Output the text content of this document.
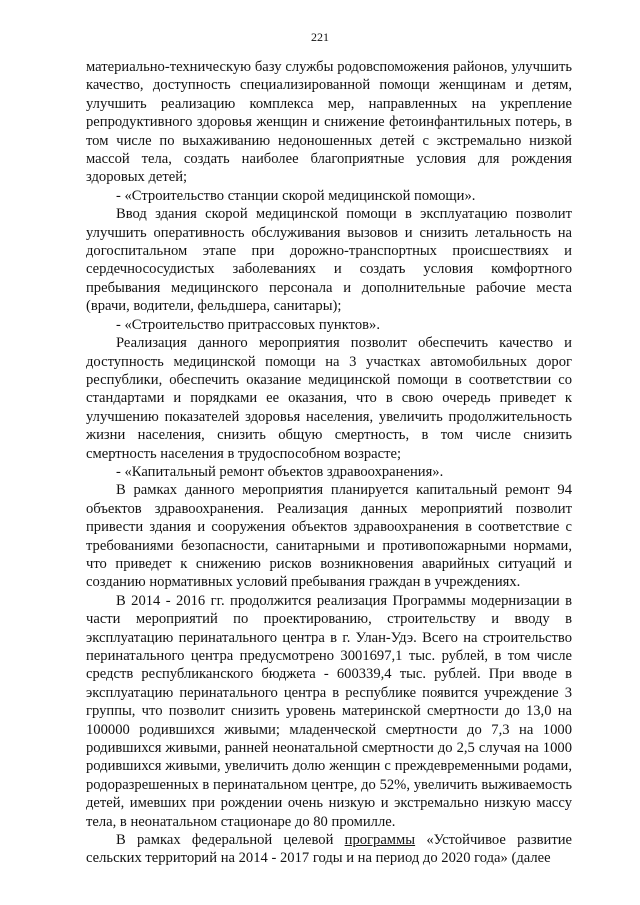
221

материально-техническую базу службы родовспоможения районов, улучшить качество, доступность специализированной помощи женщинам и детям, улучшить реализацию комплекса мер, направленных на укрепление репродуктивного здоровья женщин и снижение фетоинфантильных потерь, в том числе по выхаживанию недоношенных детей с экстремально низкой массой тела, создать наиболее благоприятные условия для рождения здоровых детей;

- «Строительство станции скорой медицинской помощи».

Ввод здания скорой медицинской помощи в эксплуатацию позволит улучшить оперативность обслуживания вызовов и снизить летальность на догоспитальном этапе при дорожно-транспортных происшествиях и сердечнососудистых заболеваниях и создать условия комфортного пребывания медицинского персонала и дополнительные рабочие места (врачи, водители, фельдшера, санитары);

- «Строительство притрассовых пунктов».

Реализация данного мероприятия позволит обеспечить качество и доступность медицинской помощи на 3 участках автомобильных дорог республики, обеспечить оказание медицинской помощи в соответствии со стандартами и порядками ее оказания, что в свою очередь приведет к улучшению показателей здоровья населения, увеличить продолжительность жизни населения, снизить общую смертность, в том числе снизить смертность населения в трудоспособном возрасте;

- «Капитальный ремонт объектов здравоохранения».

В рамках данного мероприятия планируется капитальный ремонт 94 объектов здравоохранения. Реализация данных мероприятий позволит привести здания и сооружения объектов здравоохранения в соответствие с требованиями безопасности, санитарными и противопожарными нормами, что приведет к снижению рисков возникновения аварийных ситуаций и созданию нормативных условий пребывания граждан в учреждениях.

В 2014 - 2016 гг. продолжится реализация Программы модернизации в части мероприятий по проектированию, строительству и вводу в эксплуатацию перинатального центра в г. Улан-Удэ. Всего на строительство перинатального центра предусмотрено 3001697,1 тыс. рублей, в том числе средств республиканского бюджета - 600339,4 тыс. рублей. При вводе в эксплуатацию перинатального центра в республике появится учреждение 3 группы, что позволит снизить уровень материнской смертности до 13,0 на 100000 родившихся живыми; младенческой смертности до 7,3 на 1000 родившихся живыми, ранней неонатальной смертности до 2,5 случая на 1000 родившихся живыми, увеличить долю женщин с преждевременными родами, родоразрешенных в перинатальном центре, до 52%, увеличить выживаемость детей, имевших при рождении очень низкую и экстремально низкую массу тела, в неонатальном стационаре до 80 промилле.

В рамках федеральной целевой программы «Устойчивое развитие сельских территорий на 2014 - 2017 годы и на период до 2020 года» (далее
